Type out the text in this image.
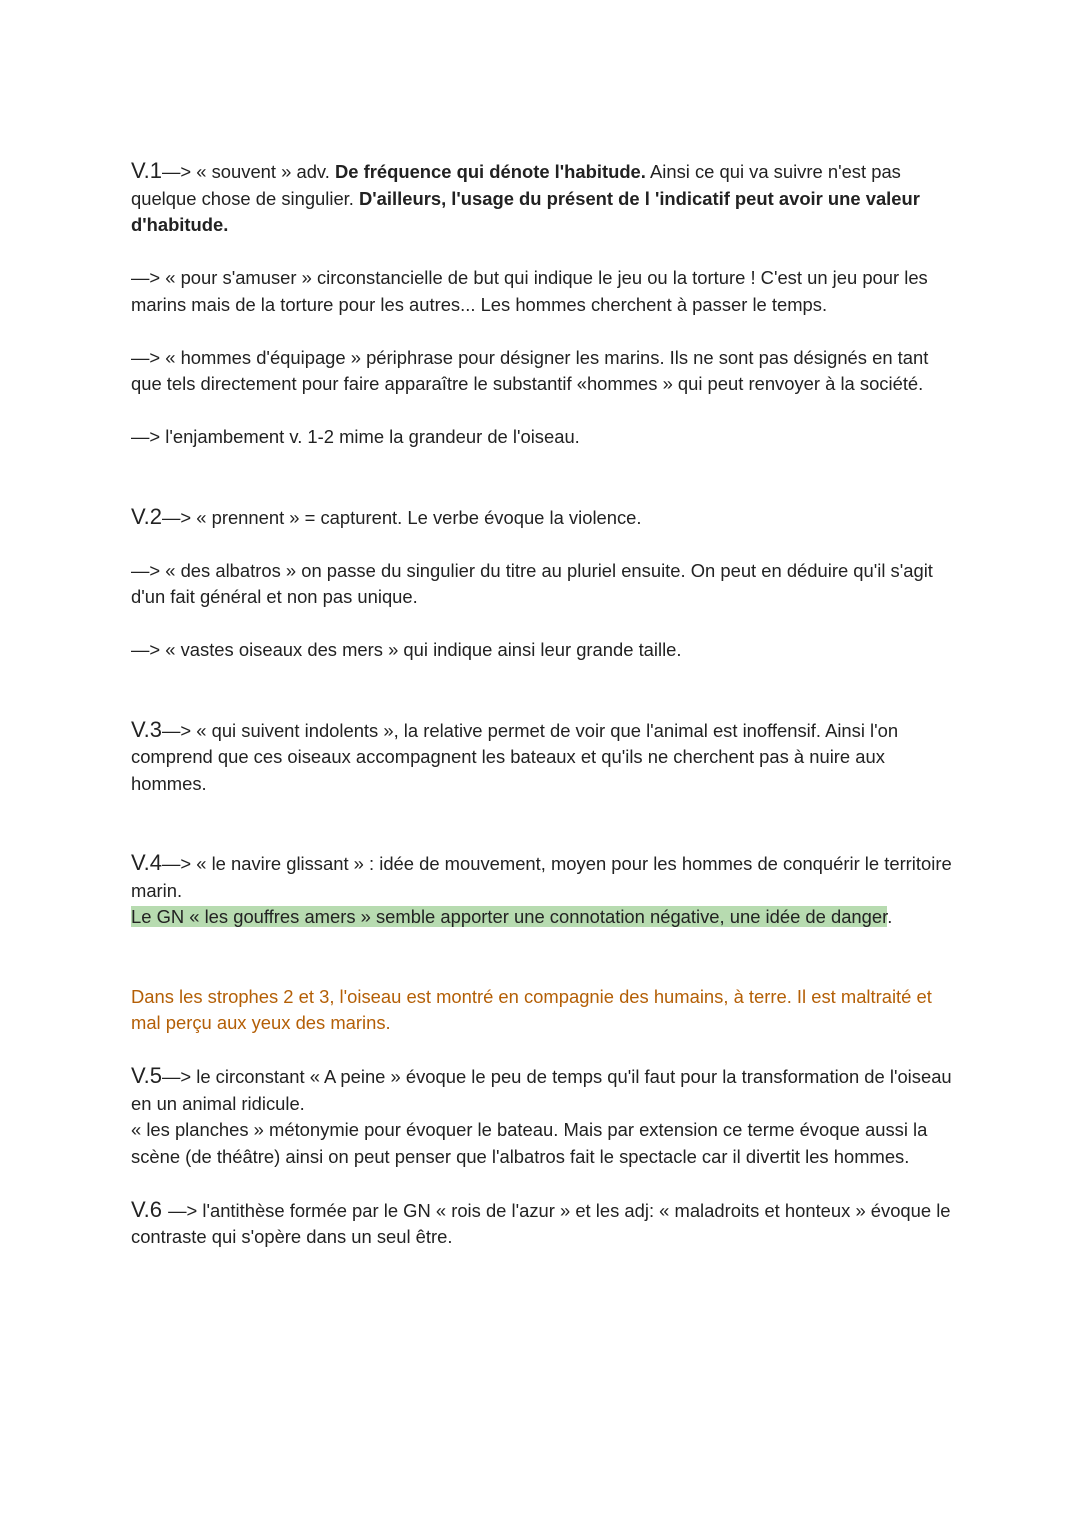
V.1—> « souvent » adv. De fréquence qui dénote l'habitude. Ainsi ce qui va suivre n'est pas quelque chose de singulier. D'ailleurs, l'usage du présent de l 'indicatif peut avoir une valeur d'habitude.

—> « pour s'amuser » circonstancielle de but qui indique le jeu ou la torture ! C'est un jeu pour les marins mais de la torture pour les autres... Les hommes cherchent à passer le temps.

—> « hommes d'équipage » périphrase pour désigner les marins. Ils ne sont pas désignés en tant que tels directement pour faire apparaître le substantif «hommes » qui peut renvoyer à la société.

—> l'enjambement v. 1-2 mime la grandeur de l'oiseau.

V.2—> « prennent » = capturent. Le verbe évoque la violence.

—> « des albatros » on passe du singulier du titre au pluriel ensuite. On peut en déduire qu'il s'agit d'un fait général et non pas unique.

—> « vastes oiseaux des mers » qui indique ainsi leur grande taille.

V.3—> « qui suivent indolents », la relative permet de voir que l'animal est inoffensif. Ainsi l'on comprend que ces oiseaux accompagnent les bateaux et qu'ils ne cherchent pas à nuire aux hommes.

V.4—> « le navire glissant » : idée de mouvement, moyen pour les hommes de conquérir le territoire marin.

Le GN « les gouffres amers » semble apporter une connotation négative, une idée de danger.

Dans les strophes 2 et 3, l'oiseau est montré en compagnie des humains, à terre. Il est maltraité et mal perçu aux yeux des marins.

V.5—> le circonstant « A peine » évoque le peu de temps qu'il faut pour la transformation de l'oiseau en un animal ridicule.

« les planches » métonymie pour évoquer le bateau. Mais par extension ce terme évoque aussi la scène (de théâtre) ainsi on peut penser que l'albatros fait le spectacle car il divertit les hommes.

V.6 —> l'antithèse formée par le GN « rois de l'azur » et les adj: « maladroits et honteux » évoque le contraste qui s'opère dans un seul être.
